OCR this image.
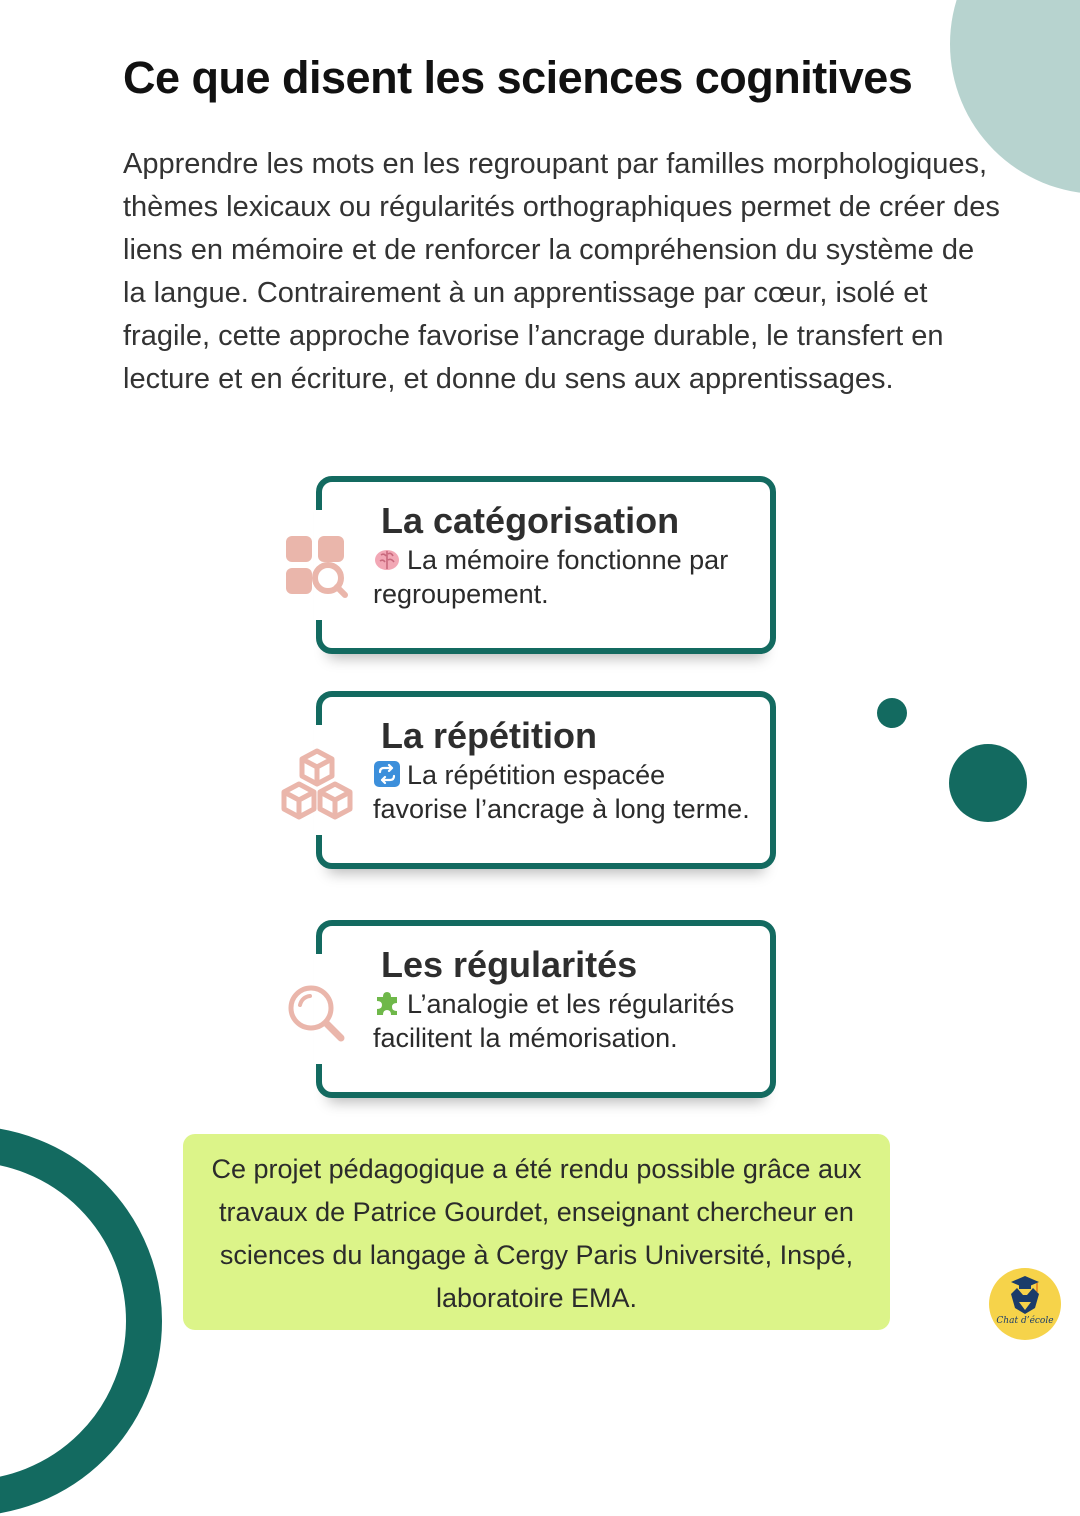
Ce que disent les sciences cognitives

Apprendre les mots en les regroupant par familles morphologiques, thèmes lexicaux ou régularités orthographiques permet de créer des liens en mémoire et de renforcer la compréhension du système de la langue. Contrairement à un apprentissage par cœur, isolé et fragile, cette approche favorise l’ancrage durable, le transfert en lecture et en écriture, et donne du sens aux apprentissages.

La catégorisation

La mémoire fonctionne par regroupement.

La répétition

La répétition espacée favorise l’ancrage à long terme.

Les régularités

L’analogie et les régularités facilitent la mémorisation.

Ce projet pédagogique a été rendu possible grâce aux travaux de Patrice Gourdet, enseignant chercheur en sciences du langage à Cergy Paris Université, Inspé, laboratoire EMA.
Chat d’école
